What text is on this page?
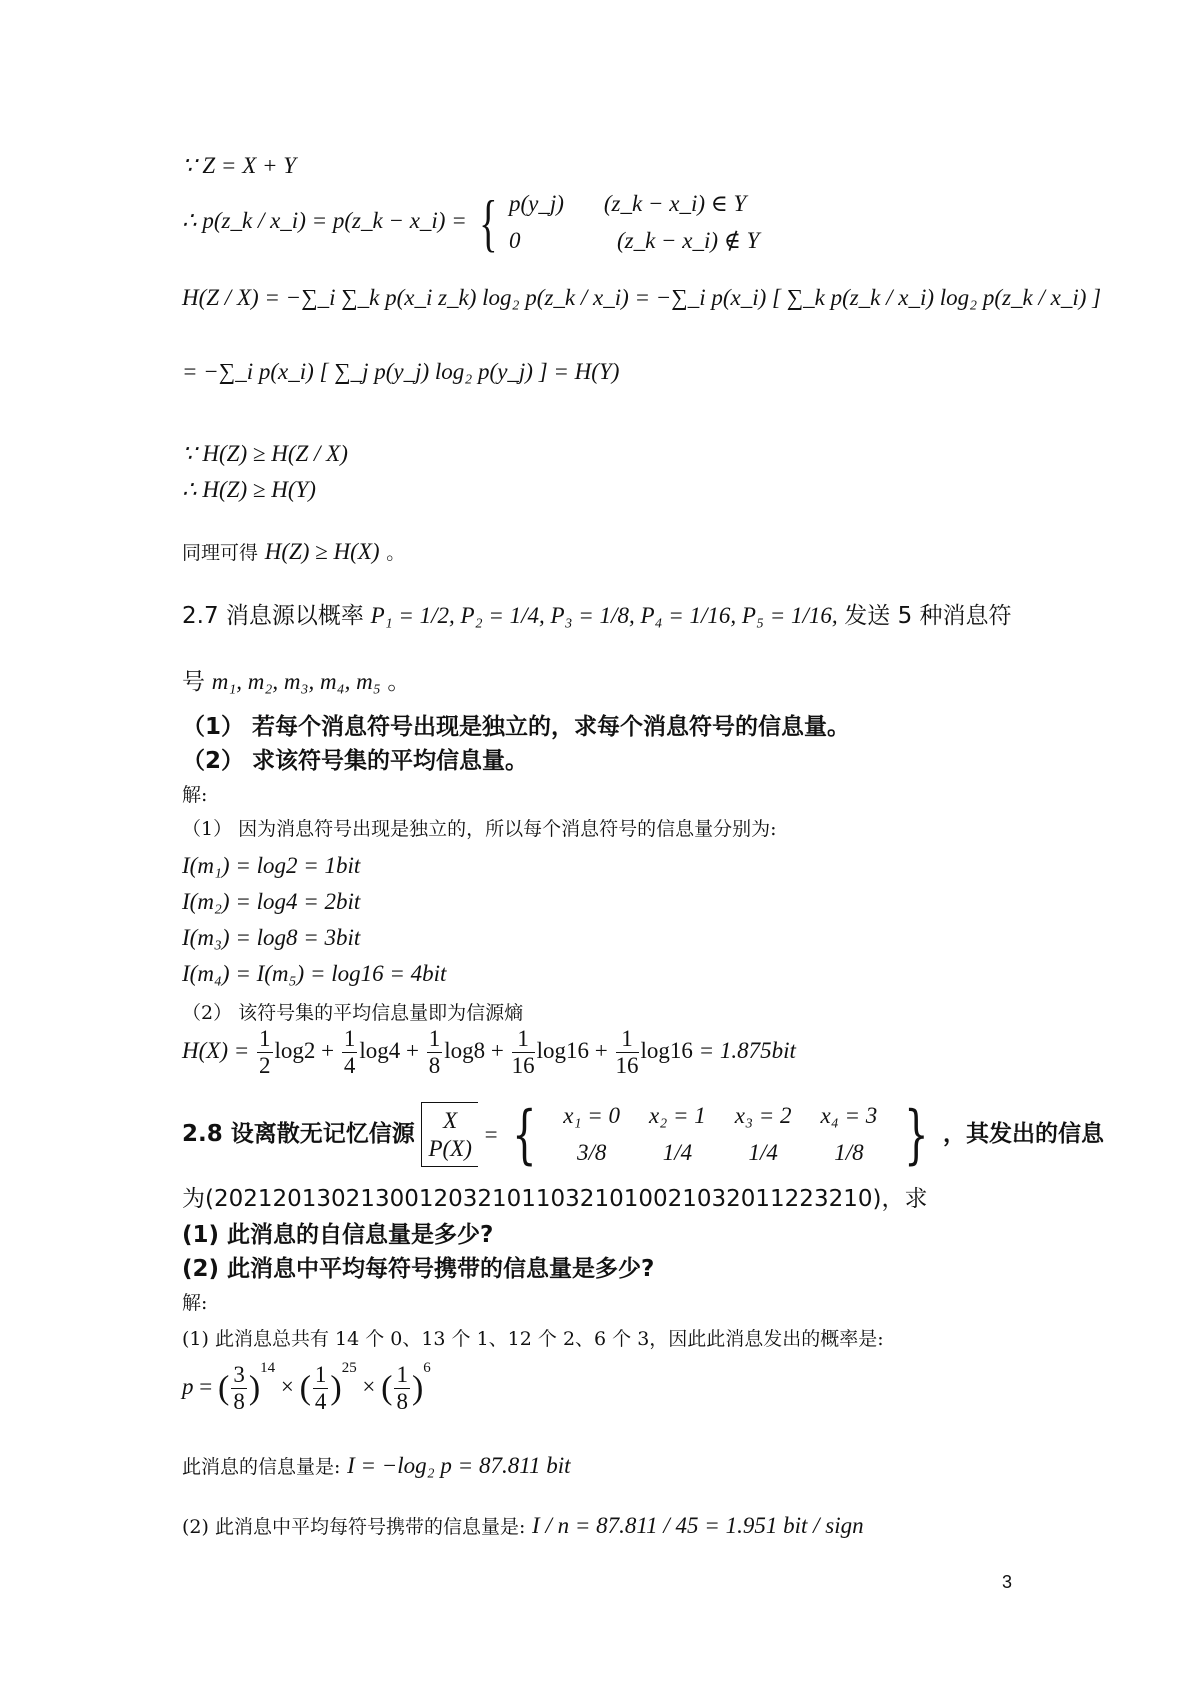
∵ Z = X + Y
∴ p(z_k / x_i) = p(z_k − x_i) = { p(y_j) (z_k − x_i) ∈ Y
0	(z_k − x_i) ∉ Y
H(Z / X) = −∑_i ∑_k p(x_i z_k) log₂ p(z_k / x_i) = −∑_i p(x_i) [ ∑_k p(z_k / x_i) log₂ p(z_k / x_i) ]
= −∑_i p(x_i) [ ∑_j p(y_j) log₂ p(y_j) ] = H(Y)
∵ H(Z) ≥ H(Z / X)
∴ H(Z) ≥ H(Y)
同理可得 H(Z) ≥ H(X) 。
2.7 消息源以概率 P₁ = 1/2, P₂ = 1/4, P₃ = 1/8, P₄ = 1/16, P₅ = 1/16, 发送 5 种消息符
号 m₁, m₂, m₃, m₄, m₅ 。
（1） 若每个消息符号出现是独立的，求每个消息符号的信息量。
（2） 求该符号集的平均信息量。
解:
（1） 因为消息符号出现是独立的，所以每个消息符号的信息量分别为:
I(m₁) = log2 = 1bit
I(m₂) = log4 = 2bit
I(m₃) = log8 = 3bit
I(m₄) = I(m₅) = log16 = 4bit
（2） 该符号集的平均信息量即为信源熵
$H(X) = \frac{1}{2} \log 2 + \frac{1}{4} \log 4 + \frac{1}{8} \log 8 + \frac{1}{16} \log 16 + \frac{1}{16} \log 16 = 1.875bit$
2.8 设离散无记忆信源
X
P(X)
= {	x₁ = 0 x₂ = 1 x₃ = 2 x₄ = 3
3/8 1/4 1/4 1/8 } ，其发出的信息
为(202120130213001203210110321010021032011223210)，求
(1) 此消息的自信息量是多少?
(2) 此消息中平均每符号携带的信息量是多少?
解:
(1) 此消息总共有 14 个 0、13 个 1、12 个 2、6 个 3，因此此消息发出的概率是:
p = ( $\frac{3}{8} )^{14}$ × ( $\frac{1}{4} )^{25}$ × ( $\frac{1}{8} )^6$
此消息的信息量是: I = −log₂ p = 87.811 bit
(2) 此消息中平均每符号携带的信息量是: I / n = 87.811 / 45 = 1.951 bit / sign
3
